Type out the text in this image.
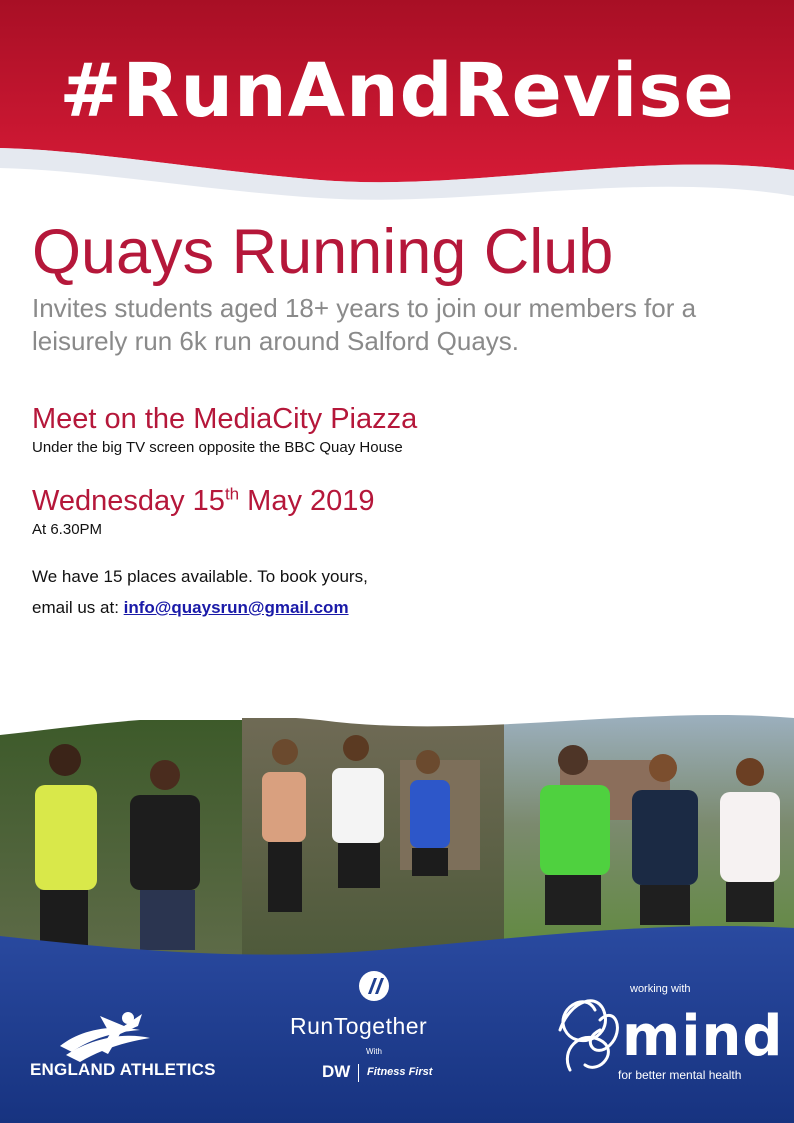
#RunAndRevise
Quays Running Club
Invites students aged 18+ years to join our members for a leisurely run 6k run around Salford Quays.
Meet on the MediaCity Piazza
Under the big TV screen opposite the BBC Quay House
Wednesday 15th May 2019
At 6.30PM
We have 15 places available. To book yours,
email us at: info@quaysrun@gmail.com
ENGLAND ATHLETICS
RunTogether
With
DW Fitness First
working with
mind
for better mental health
